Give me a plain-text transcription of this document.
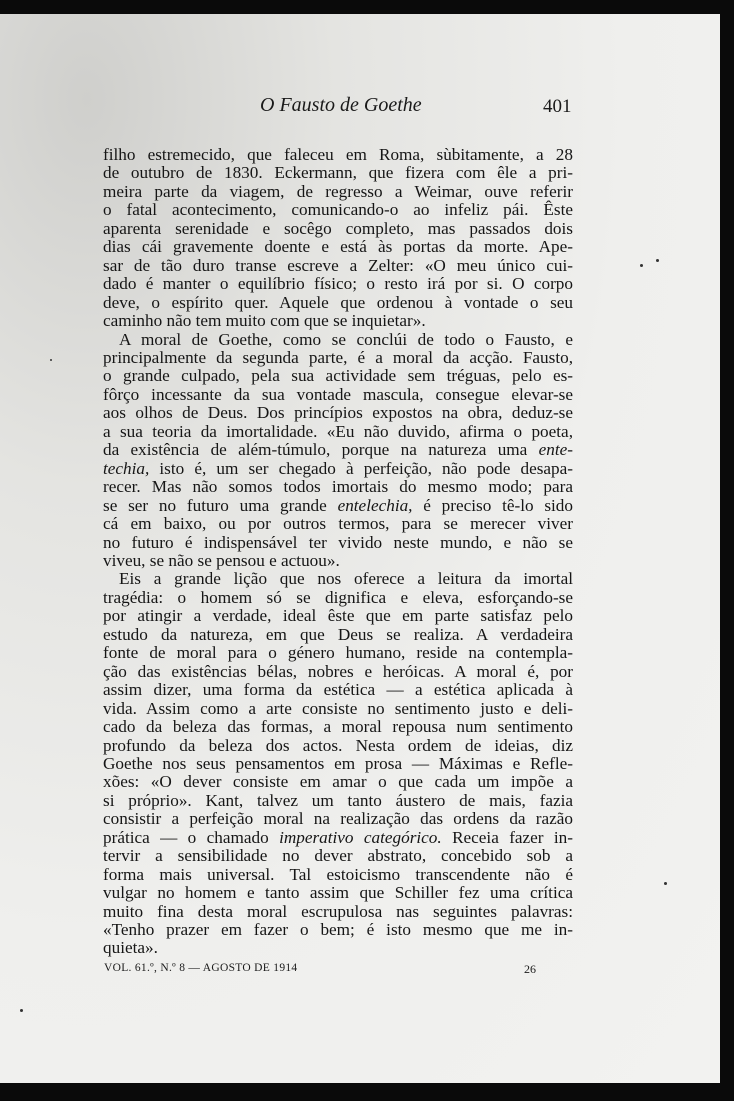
O Fausto de Goethe	401
filho estremecido, que faleceu em Roma, sùbitamente, a 28
de outubro de 1830. Eckermann, que fizera com êle a pri-
meira parte da viagem, de regresso a Weimar, ouve referir
o fatal acontecimento, comunicando-o ao infeliz pái. Êste
aparenta serenidade e socêgo completo, mas passados dois
dias cái gravemente doente e está às portas da morte. Ape-
sar de tão duro transe escreve a Zelter: «O meu único cui-
dado é manter o equilíbrio físico; o resto irá por si. O corpo
deve, o espírito quer. Aquele que ordenou à vontade o seu
caminho não tem muito com que se inquietar».
A moral de Goethe, como se conclúi de todo o Fausto, e
principalmente da segunda parte, é a moral da acção. Fausto,
o grande culpado, pela sua actividade sem tréguas, pelo es-
fôrço incessante da sua vontade mascula, consegue elevar-se
aos olhos de Deus. Dos princípios expostos na obra, deduz-se
a sua teoria da imortalidade. «Eu não duvido, afirma o poeta,
da existência de além-túmulo, porque na natureza uma ente-
techia, isto é, um ser chegado à perfeição, não pode desapa-
recer. Mas não somos todos imortais do mesmo modo; para
se ser no futuro uma grande entelechia, é preciso tê-lo sido
cá em baixo, ou por outros termos, para se merecer viver
no futuro é indispensável ter vivido neste mundo, e não se
viveu, se não se pensou e actuou».
Eis a grande lição que nos oferece a leitura da imortal
tragédia: o homem só se dignifica e eleva, esforçando-se
por atingir a verdade, ideal êste que em parte satisfaz pelo
estudo da natureza, em que Deus se realiza. A verdadeira
fonte de moral para o género humano, reside na contempla-
ção das existências bélas, nobres e heróicas. A moral é, por
assim dizer, uma forma da estética — a estética aplicada à
vida. Assim como a arte consiste no sentimento justo e deli-
cado da beleza das formas, a moral repousa num sentimento
profundo da beleza dos actos. Nesta ordem de ideias, diz
Goethe nos seus pensamentos em prosa — Máximas e Refle-
xões: «O dever consiste em amar o que cada um impõe a
si próprio». Kant, talvez um tanto áustero de mais, fazia
consistir a perfeição moral na realização das ordens da razão
prática — o chamado imperativo categórico. Receia fazer in-
tervir a sensibilidade no dever abstrato, concebido sob a
forma mais universal. Tal estoicismo transcendente não é
vulgar no homem e tanto assim que Schiller fez uma crítica
muito fina desta moral escrupulosa nas seguintes palavras:
«Tenho prazer em fazer o bem; é isto mesmo que me in-
quieta».
VOL. 61.º, N.º 8 — AGOSTO DE 1914	26
